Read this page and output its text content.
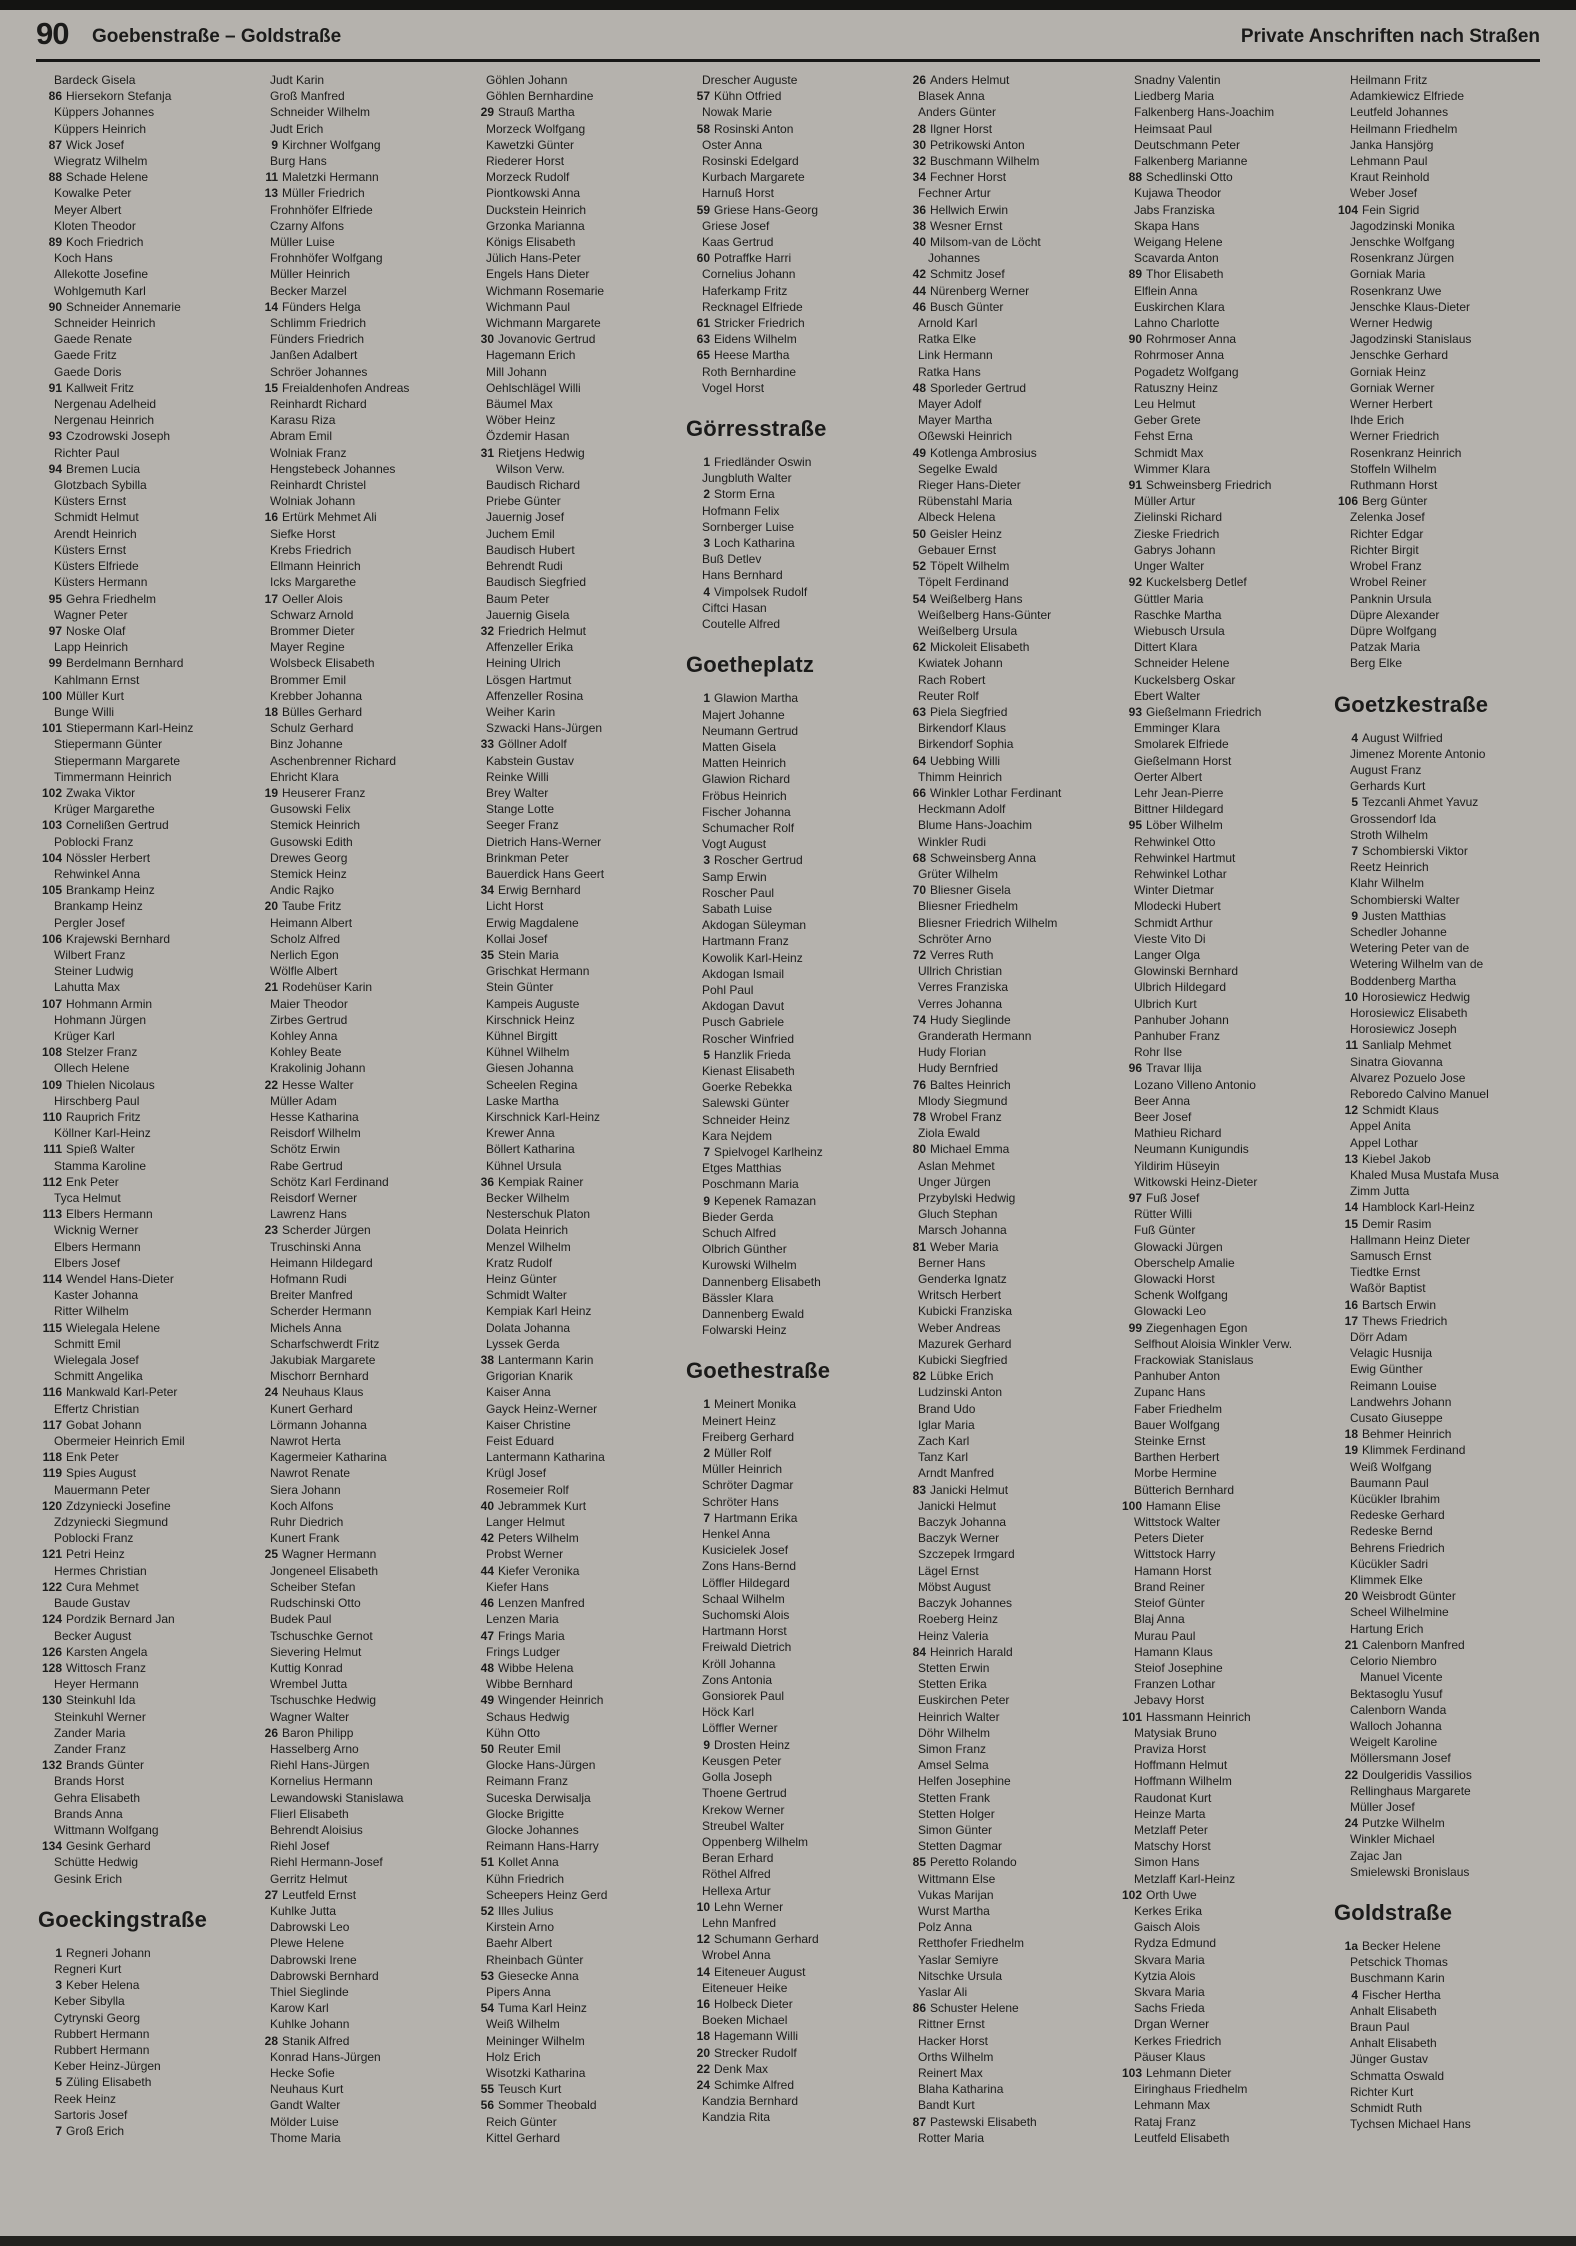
90 Goebenstraße – Goldstraße	Private Anschriften nach Straßen
Bardeck Gisela
86 Hiersekorn Stefanja
Küppers Johannes
Küppers Heinrich
87 Wick Josef
Wiegratz Wilhelm
88 Schade Helene
Kowalke Peter
Meyer Albert
Kloten Theodor
89 Koch Friedrich
Koch Hans
Allekotte Josefine
Wohlgemuth Karl
90 Schneider Annemarie
Schneider Heinrich
Gaede Renate
Gaede Fritz
Gaede Doris
91 Kallweit Fritz
Nergenau Adelheid
Nergenau Heinrich
93 Czodrowski Joseph
Richter Paul
94 Bremen Lucia
Glotzbach Sybilla
Küsters Ernst
Schmidt Helmut
Arendt Heinrich
Küsters Ernst
Küsters Elfriede
Küsters Hermann
95 Gehra Friedhelm
Wagner Peter
97 Noske Olaf
Lapp Heinrich
99 Berdelmann Bernhard
Kahlmann Ernst
100 Müller Kurt
Bunge Willi
101 Stiepermann Karl-Heinz
Stiepermann Günter
Stiepermann Margarete
Timmermann Heinrich
102 Zwaka Viktor
Krüger Margarethe
103 Cornelißen Gertrud
Poblocki Franz
104 Nössler Herbert
Rehwinkel Anna
105 Brankamp Heinz
Brankamp Heinz
Pergler Josef
106 Krajewski Bernhard
Wilbert Franz
Steiner Ludwig
Lahutta Max
107 Hohmann Armin
Hohmann Jürgen
Krüger Karl
108 Stelzer Franz
Ollech Helene
109 Thielen Nicolaus
Hirschberg Paul
110 Rauprich Fritz
Köllner Karl-Heinz
111 Spieß Walter
Stamma Karoline
112 Enk Peter
Tyca Helmut
113 Elbers Hermann
Wicknig Werner
Elbers Hermann
Elbers Josef
114 Wendel Hans-Dieter
Kaster Johanna
Ritter Wilhelm
115 Wielegala Helene
Schmitt Emil
Wielegala Josef
Schmitt Angelika
116 Mankwald Karl-Peter
Effertz Christian
117 Gobat Johann
Obermeier Heinrich Emil
118 Enk Peter
119 Spies August
Mauermann Peter
120 Zdzyniecki Josefine
Zdzyniecki Siegmund
Poblocki Franz
121 Petri Heinz
Hermes Christian
122 Cura Mehmet
Baude Gustav
124 Pordzik Bernard Jan
Becker August
126 Karsten Angela
128 Wittosch Franz
Heyer Hermann
130 Steinkuhl Ida
Steinkuhl Werner
Zander Maria
Zander Franz
132 Brands Günter
Brands Horst
Gehra Elisabeth
Brands Anna
Wittmann Wolfgang
134 Gesink Gerhard
Schütte Hedwig
Gesink Erich
Goeckingstraße
1 Regneri Johann
Regneri Kurt
3 Keber Helena
Keber Sibylla
Cytrynski Georg
Rubbert Hermann
Rubbert Hermann
Keber Heinz-Jürgen
5 Züling Elisabeth
Reek Heinz
Sartoris Josef
7 Groß Erich
Judt Karin
Groß Manfred
Schneider Wilhelm
Judt Erich
9 Kirchner Wolfgang
Burg Hans
11 Maletzki Hermann
13 Müller Friedrich
Frohnhöfer Elfriede
Czarny Alfons
Müller Luise
Frohnhöfer Wolfgang
Müller Heinrich
Becker Marzel
14 Fünders Helga
Schlimm Friedrich
Fünders Friedrich
Janßen Adalbert
Schröer Johannes
15 Freialdenhofen Andreas
Reinhardt Richard
Karasu Riza
Abram Emil
Wolniak Franz
Hengstebeck Johannes
Reinhardt Christel
Wolniak Johann
16 Ertürk Mehmet Ali
Siefke Horst
Krebs Friedrich
Ellmann Heinrich
Icks Margarethe
17 Oeller Alois
Schwarz Arnold
Brommer Dieter
Mayer Regine
Wolsbeck Elisabeth
Brommer Emil
Krebber Johanna
18 Bülles Gerhard
Schulz Gerhard
Binz Johanne
Aschenbrenner Richard
Ehricht Klara
19 Heuserer Franz
Gusowski Felix
Stemick Heinrich
Gusowski Edith
Drewes Georg
Stemick Heinz
Andic Rajko
20 Taube Fritz
Heimann Albert
Scholz Alfred
Nerlich Egon
Wölfle Albert
21 Rodehüser Karin
Maier Theodor
Zirbes Gertrud
Kohley Anna
Kohley Beate
Krakolinig Johann
22 Hesse Walter
Müller Adam
Hesse Katharina
Reisdorf Wilhelm
Schötz Erwin
Rabe Gertrud
Schötz Karl Ferdinand
Reisdorf Werner
Lawrenz Hans
23 Scherder Jürgen
Truschinski Anna
Heimann Hildegard
Hofmann Rudi
Breiter Manfred
Scherder Hermann
Michels Anna
Scharfschwerdt Fritz
Jakubiak Margarete
Mischorr Bernhard
24 Neuhaus Klaus
Kunert Gerhard
Lörmann Johanna
Nawrot Herta
Kagermeier Katharina
Nawrot Renate
Siera Johann
Koch Alfons
Ruhr Diedrich
Kunert Frank
25 Wagner Hermann
Jongeneel Elisabeth
Scheiber Stefan
Rudschinski Otto
Budek Paul
Tschuschke Gernot
Sievering Helmut
Kuttig Konrad
Wrembel Jutta
Tschuschke Hedwig
Wagner Walter
26 Baron Philipp
Hasselberg Arno
Riehl Hans-Jürgen
Kornelius Hermann
Lewandowski Stanislawa
Flierl Elisabeth
Behrendt Aloisius
Riehl Josef
Riehl Hermann-Josef
Gerritz Helmut
27 Leutfeld Ernst
Kuhlke Jutta
Dabrowski Leo
Plewe Helene
Dabrowski Irene
Dabrowski Bernhard
Thiel Sieglinde
Karow Karl
Kuhlke Johann
28 Stanik Alfred
Konrad Hans-Jürgen
Hecke Sofie
Neuhaus Kurt
Gandt Walter
Mölder Luise
Thome Maria
Göhlen Johann
Göhlen Bernhardine
29 Strauß Martha
Morzeck Wolfgang
Kawetzki Günter
Riederer Horst
Morzeck Rudolf
Piontkowski Anna
Duckstein Heinrich
Grzonka Marianna
Königs Elisabeth
Jülich Hans-Peter
Engels Hans Dieter
Wichmann Rosemarie
Wichmann Paul
Wichmann Margarete
30 Jovanovic Gertrud
Hagemann Erich
Mill Johann
Oehlschlägel Willi
Bäumel Max
Wöber Heinz
Özdemir Hasan
31 Rietjens Hedwig
Wilson Verw.
Baudisch Richard
Priebe Günter
Jauernig Josef
Juchem Emil
Baudisch Hubert
Behrendt Rudi
Baudisch Siegfried
Baum Peter
Jauernig Gisela
32 Friedrich Helmut
Affenzeller Erika
Heining Ulrich
Lösgen Hartmut
Affenzeller Rosina
Weiher Karin
Szwacki Hans-Jürgen
33 Göllner Adolf
Kabstein Gustav
Reinke Willi
Brey Walter
Stange Lotte
Seeger Franz
Dietrich Hans-Werner
Brinkman Peter
Bauerdick Hans Geert
34 Erwig Bernhard
Licht Horst
Erwig Magdalene
Kollai Josef
35 Stein Maria
Grischkat Hermann
Stein Günter
Kampeis Auguste
Kirschnick Heinz
Kühnel Birgitt
Kühnel Wilhelm
Giesen Johanna
Scheelen Regina
Laske Martha
Kirschnick Karl-Heinz
Krewer Anna
Böllert Katharina
Kühnel Ursula
36 Kempiak Rainer
Becker Wilhelm
Nesterschuk Platon
Dolata Heinrich
Menzel Wilhelm
Kratz Rudolf
Heinz Günter
Schmidt Walter
Kempiak Karl Heinz
Dolata Johanna
Lyssek Gerda
38 Lantermann Karin
Grigorian Knarik
Kaiser Anna
Gayck Heinz-Werner
Kaiser Christine
Feist Eduard
Lantermann Katharina
Krügl Josef
Rosemeier Rolf
40 Jebrammek Kurt
Langer Helmut
42 Peters Wilhelm
Probst Werner
44 Kiefer Veronika
Kiefer Hans
46 Lenzen Manfred
Lenzen Maria
47 Frings Maria
Frings Ludger
48 Wibbe Helena
Wibbe Bernhard
49 Wingender Heinrich
Schaus Hedwig
Kühn Otto
50 Reuter Emil
Glocke Hans-Jürgen
Reimann Franz
Suceska Derwisalja
Glocke Brigitte
Glocke Johannes
Reimann Hans-Harry
51 Kollet Anna
Kühn Friedrich
Scheepers Heinz Gerd
52 Illes Julius
Kirstein Arno
Baehr Albert
Rheinbach Günter
53 Giesecke Anna
Pipers Anna
54 Tuma Karl Heinz
Weiß Wilhelm
Meininger Wilhelm
Holz Erich
Wisotzki Katharina
55 Teusch Kurt
56 Sommer Theobald
Reich Günter
Kittel Gerhard
Drescher Auguste
57 Kühn Otfried
Nowak Marie
58 Rosinski Anton
Oster Anna
Rosinski Edelgard
Kurbach Margarete
Harnuß Horst
59 Griese Hans-Georg
Griese Josef
Kaas Gertrud
60 Potraffke Harri
Cornelius Johann
Haferkamp Fritz
Recknagel Elfriede
61 Stricker Friedrich
63 Eidens Wilhelm
65 Heese Martha
Roth Bernhardine
Vogel Horst
Görresstraße
1 Friedländer Oswin
Jungbluth Walter
2 Storm Erna
Hofmann Felix
Sornberger Luise
3 Loch Katharina
Buß Detlev
Hans Bernhard
4 Vimpolsek Rudolf
Ciftci Hasan
Coutelle Alfred
Goetheplatz
1 Glawion Martha
Majert Johanne
Neumann Gertrud
Matten Gisela
Matten Heinrich
Glawion Richard
Fröbus Heinrich
Fischer Johanna
Schumacher Rolf
Vogt August
3 Roscher Gertrud
Samp Erwin
Roscher Paul
Sabath Luise
Akdogan Süleyman
Hartmann Franz
Kowolik Karl-Heinz
Akdogan Ismail
Pohl Paul
Akdogan Davut
Pusch Gabriele
Roscher Winfried
5 Hanzlik Frieda
Kienast Elisabeth
Goerke Rebekka
Salewski Günter
Schneider Heinz
Kara Nejdem
7 Spielvogel Karlheinz
Etges Matthias
Poschmann Maria
9 Kepenek Ramazan
Bieder Gerda
Schuch Alfred
Olbrich Günther
Kurowski Wilhelm
Dannenberg Elisabeth
Bässler Klara
Dannenberg Ewald
Folwarski Heinz
Goethestraße
1 Meinert Monika
Meinert Heinz
Freiberg Gerhard
2 Müller Rolf
Müller Heinrich
Schröter Dagmar
Schröter Hans
7 Hartmann Erika
Henkel Anna
Kusicielek Josef
Zons Hans-Bernd
Löffler Hildegard
Schaal Wilhelm
Suchomski Alois
Hartmann Horst
Freiwald Dietrich
Kröll Johanna
Zons Antonia
Gonsiorek Paul
Höck Karl
Löffler Werner
9 Drosten Heinz
Keusgen Peter
Golla Joseph
Thoene Gertrud
Krekow Werner
Streubel Walter
Oppenberg Wilhelm
Beran Erhard
Röthel Alfred
Hellexa Artur
10 Lehn Werner
Lehn Manfred
12 Schumann Gerhard
Wrobel Anna
14 Eiteneuer August
Eiteneuer Heike
16 Holbeck Dieter
Boeken Michael
18 Hagemann Willi
20 Strecker Rudolf
22 Denk Max
24 Schimke Alfred
Kandzia Bernhard
Kandzia Rita
26 Anders Helmut
Blasek Anna
Anders Günter
28 Ilgner Horst
30 Petrikowski Anton
32 Buschmann Wilhelm
34 Fechner Horst
Fechner Artur
36 Hellwich Erwin
38 Wesner Ernst
40 Milsom-van de Löcht
Johannes
42 Schmitz Josef
44 Nürenberg Werner
46 Busch Günter
Arnold Karl
Ratka Elke
Link Hermann
Ratka Hans
48 Sporleder Gertrud
Mayer Adolf
Mayer Martha
Oßewski Heinrich
49 Kotlenga Ambrosius
Segelke Ewald
Rieger Hans-Dieter
Rübenstahl Maria
Albeck Helena
50 Geisler Heinz
Gebauer Ernst
52 Töpelt Wilhelm
Töpelt Ferdinand
54 Weißelberg Hans
Weißelberg Hans-Günter
Weißelberg Ursula
62 Mickoleit Elisabeth
Kwiatek Johann
Rach Robert
Reuter Rolf
63 Piela Siegfried
Birkendorf Klaus
Birkendorf Sophia
64 Uebbing Willi
Thimm Heinrich
66 Winkler Lothar Ferdinant
Heckmann Adolf
Blume Hans-Joachim
Winkler Rudi
68 Schweinsberg Anna
Grüter Wilhelm
70 Bliesner Gisela
Bliesner Friedhelm
Bliesner Friedrich Wilhelm
Schröter Arno
72 Verres Ruth
Ullrich Christian
Verres Franziska
Verres Johanna
74 Hudy Sieglinde
Granderath Hermann
Hudy Florian
Hudy Bernfried
76 Baltes Heinrich
Mlody Siegmund
78 Wrobel Franz
Ziola Ewald
80 Michael Emma
Aslan Mehmet
Unger Jürgen
Przybylski Hedwig
Gluch Stephan
Marsch Johanna
81 Weber Maria
Berner Hans
Genderka Ignatz
Writsch Herbert
Kubicki Franziska
Weber Andreas
Mazurek Gerhard
Kubicki Siegfried
82 Lübke Erich
Ludzinski Anton
Brand Udo
Iglar Maria
Zach Karl
Tanz Karl
Arndt Manfred
83 Janicki Helmut
Janicki Helmut
Baczyk Johanna
Baczyk Werner
Szczepek Irmgard
Lägel Ernst
Möbst August
Baczyk Johannes
Roeberg Heinz
Heinz Valeria
84 Heinrich Harald
Stetten Erwin
Stetten Erika
Euskirchen Peter
Heinrich Walter
Döhr Wilhelm
Simon Franz
Amsel Selma
Helfen Josephine
Stetten Frank
Stetten Holger
Simon Günter
Stetten Dagmar
85 Peretto Rolando
Wittmann Else
Vukas Marijan
Wurst Martha
Polz Anna
Retthofer Friedhelm
Yaslar Semiyre
Nitschke Ursula
Yaslar Ali
86 Schuster Helene
Rittner Ernst
Hacker Horst
Orths Wilhelm
Reinert Max
Blaha Katharina
Bandt Kurt
87 Pastewski Elisabeth
Rotter Maria
Snadny Valentin
Liedberg Maria
Falkenberg Hans-Joachim
Heimsaat Paul
Deutschmann Peter
Falkenberg Marianne
88 Schedlinski Otto
Kujawa Theodor
Jabs Franziska
Skapa Hans
Weigang Helene
Scavarda Anton
89 Thor Elisabeth
Elflein Anna
Euskirchen Klara
Lahno Charlotte
90 Rohrmoser Anna
Rohrmoser Anna
Pogadetz Wolfgang
Ratuszny Heinz
Leu Helmut
Geber Grete
Fehst Erna
Schmidt Max
Wimmer Klara
91 Schweinsberg Friedrich
Müller Artur
Zielinski Richard
Zieske Friedrich
Gabrys Johann
Unger Walter
92 Kuckelsberg Detlef
Güttler Maria
Raschke Martha
Wiebusch Ursula
Dittert Klara
Schneider Helene
Kuckelsberg Oskar
Ebert Walter
93 Gießelmann Friedrich
Emminger Klara
Smolarek Elfriede
Gießelmann Horst
Oerter Albert
Lehr Jean-Pierre
Bittner Hildegard
95 Löber Wilhelm
Rehwinkel Otto
Rehwinkel Hartmut
Rehwinkel Lothar
Winter Dietmar
Mlodecki Hubert
Schmidt Arthur
Vieste Vito Di
Langer Olga
Glowinski Bernhard
Ulbrich Hildegard
Ulbrich Kurt
Panhuber Johann
Panhuber Franz
Rohr Ilse
96 Travar Ilija
Lozano Villeno Antonio
Beer Anna
Beer Josef
Mathieu Richard
Neumann Kunigundis
Yildirim Hüseyin
Witkowski Heinz-Dieter
97 Fuß Josef
Rütter Willi
Fuß Günter
Glowacki Jürgen
Oberschelp Amalie
Glowacki Horst
Schenk Wolfgang
Glowacki Leo
99 Ziegenhagen Egon
Selfhout Aloisia Winkler Verw.
Frackowiak Stanislaus
Panhuber Anton
Zupanc Hans
Faber Friedhelm
Bauer Wolfgang
Steinke Ernst
Barthen Herbert
Morbe Hermine
Bütterich Bernhard
100 Hamann Elise
Wittstock Walter
Peters Dieter
Wittstock Harry
Hamann Horst
Brand Reiner
Steiof Günter
Blaj Anna
Murau Paul
Hamann Klaus
Steiof Josephine
Franzen Lothar
Jebavy Horst
101 Hassmann Heinrich
Matysiak Bruno
Praviza Horst
Hoffmann Helmut
Hoffmann Wilhelm
Raudonat Kurt
Heinze Marta
Metzlaff Peter
Matschy Horst
Simon Hans
Metzlaff Karl-Heinz
102 Orth Uwe
Kerkes Erika
Gaisch Alois
Rydza Edmund
Skvara Maria
Kytzia Alois
Skvara Maria
Sachs Frieda
Drgan Werner
Kerkes Friedrich
Päuser Klaus
103 Lehmann Dieter
Eiringhaus Friedhelm
Lehmann Max
Rataj Franz
Leutfeld Elisabeth
Heilmann Fritz
Adamkiewicz Elfriede
Leutfeld Johannes
Heilmann Friedhelm
Janka Hansjörg
Lehmann Paul
Kraut Reinhold
Weber Josef
104 Fein Sigrid
Jagodzinski Monika
Jenschke Wolfgang
Rosenkranz Jürgen
Gorniak Maria
Rosenkranz Uwe
Jenschke Klaus-Dieter
Werner Hedwig
Jagodzinski Stanislaus
Jenschke Gerhard
Gorniak Heinz
Gorniak Werner
Werner Herbert
Ihde Erich
Werner Friedrich
Rosenkranz Heinrich
Stoffeln Wilhelm
Ruthmann Horst
106 Berg Günter
Zelenka Josef
Richter Edgar
Richter Birgit
Wrobel Franz
Wrobel Reiner
Panknin Ursula
Düpre Alexander
Düpre Wolfgang
Patzak Maria
Berg Elke
Goetzkestraße
4 August Wilfried
Jimenez Morente Antonio
August Franz
Gerhards Kurt
5 Tezcanli Ahmet Yavuz
Grossendorf Ida
Stroth Wilhelm
7 Schombierski Viktor
Reetz Heinrich
Klahr Wilhelm
Schombierski Walter
9 Justen Matthias
Schedler Johanne
Wetering Peter van de
Wetering Wilhelm van de
Boddenberg Martha
10 Horosiewicz Hedwig
Horosiewicz Elisabeth
Horosiewicz Joseph
11 Sanlialp Mehmet
Sinatra Giovanna
Alvarez Pozuelo Jose
Reboredo Calvino Manuel
12 Schmidt Klaus
Appel Anita
Appel Lothar
13 Kiebel Jakob
Khaled Musa Mustafa Musa
Zimm Jutta
14 Hamblock Karl-Heinz
15 Demir Rasim
Hallmann Heinz Dieter
Samusch Ernst
Tiedtke Ernst
Waßör Baptist
16 Bartsch Erwin
17 Thews Friedrich
Dörr Adam
Velagic Husnija
Ewig Günther
Reimann Louise
Landwehrs Johann
Cusato Giuseppe
18 Behmer Heinrich
19 Klimmek Ferdinand
Weiß Wolfgang
Baumann Paul
Kücükler Ibrahim
Redeske Gerhard
Redeske Bernd
Behrens Friedrich
Kücükler Sadri
Klimmek Elke
20 Weisbrodt Günter
Scheel Wilhelmine
Hartung Erich
21 Calenborn Manfred
Celorio Niembro
Manuel Vicente
Bektasoglu Yusuf
Calenborn Wanda
Walloch Johanna
Weigelt Karoline
Möllersmann Josef
22 Doulgeridis Vassilios
Rellinghaus Margarete
Müller Josef
24 Putzke Wilhelm
Winkler Michael
Zajac Jan
Smielewski Bronislaus
Goldstraße
1a Becker Helene
Petschick Thomas
Buschmann Karin
4 Fischer Hertha
Anhalt Elisabeth
Braun Paul
Anhalt Elisabeth
Jünger Gustav
Schmatta Oswald
Richter Kurt
Schmidt Ruth
Tychsen Michael Hans
